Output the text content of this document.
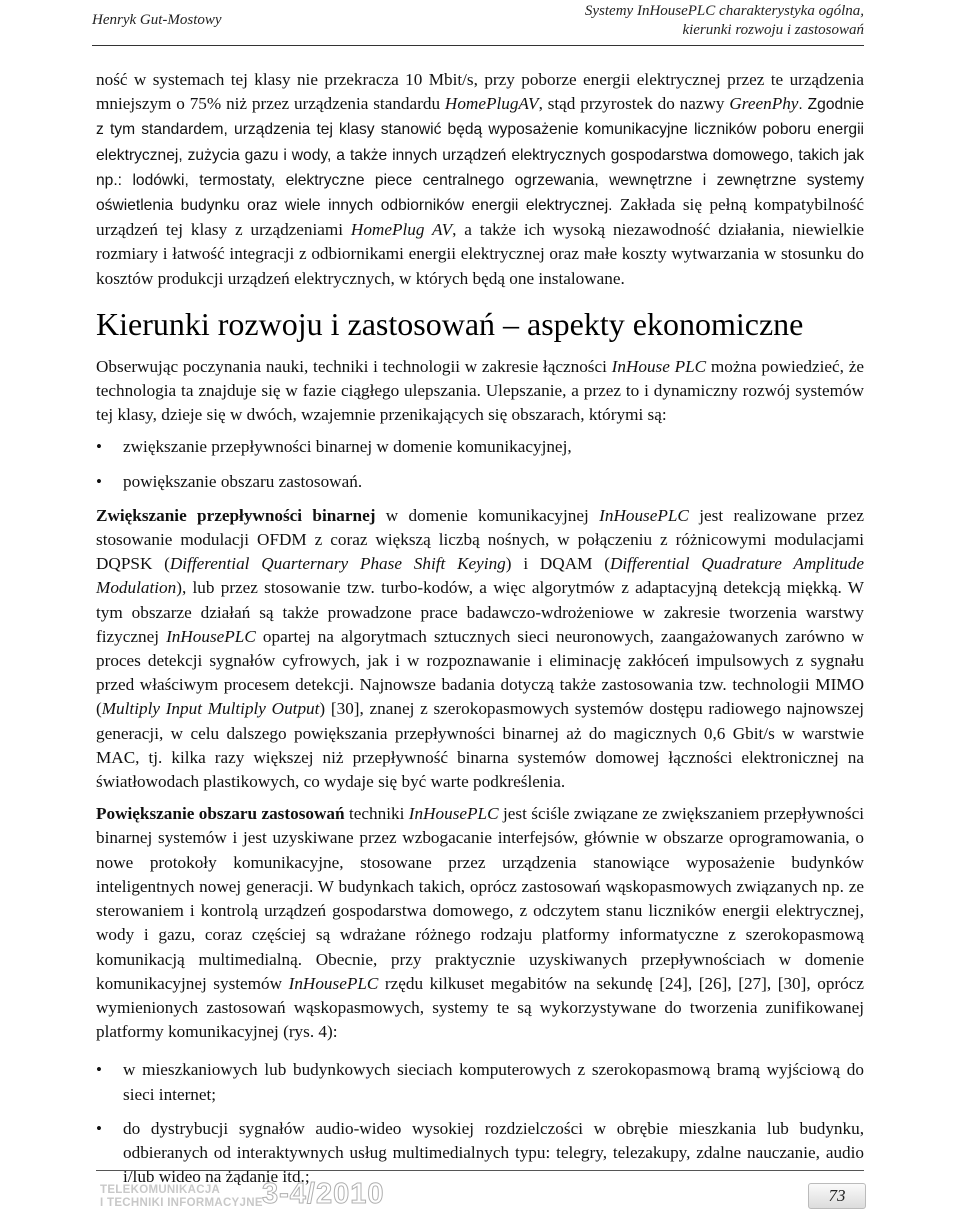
Henryk Gut-Mostowy
Systemy InHousePLC charakterystyka ogólna,
kierunki rozwoju i zastosowań

ność w systemach tej klasy nie przekracza 10 Mbit/s, przy poborze energii elektrycznej przez te urządzenia mniejszym o 75% niż przez urządzenia standardu HomePlugAV, stąd przyrostek do nazwy GreenPhy. Zgodnie z tym standardem, urządzenia tej klasy stanowić będą wyposażenie komunikacyjne liczników poboru energii elektrycznej, zużycia gazu i wody, a także innych urządzeń elektrycznych gospodarstwa domowego, takich jak np.: lodówki, termostaty, elektryczne piece centralnego ogrzewania, wewnętrzne i zewnętrzne systemy oświetlenia budynku oraz wiele innych odbiorników energii elektrycznej. Zakłada się pełną kompatybilność urządzeń tej klasy z urządzeniami HomePlug AV, a także ich wysoką niezawodność działania, niewielkie rozmiary i łatwość integracji z odbiornikami energii elektrycznej oraz małe koszty wytwarzania w stosunku do kosztów produkcji urządzeń elektrycznych, w których będą one instalowane.

Kierunki rozwoju i zastosowań – aspekty ekonomiczne

Obserwując poczynania nauki, techniki i technologii w zakresie łączności InHouse PLC można powiedzieć, że technologia ta znajduje się w fazie ciągłego ulepszania. Ulepszanie, a przez to i dynamiczny rozwój systemów tej klasy, dzieje się w dwóch, wzajemnie przenikających się obszarach, którymi są:

• zwiększanie przepływności binarnej w domenie komunikacyjnej,
• powiększanie obszaru zastosowań.

Zwiększanie przepływności binarnej w domenie komunikacyjnej InHousePLC jest realizowane przez stosowanie modulacji OFDM z coraz większą liczbą nośnych, w połączeniu z różnicowymi modulacjami DQPSK (Differential Quarternary Phase Shift Keying) i DQAM (Differential Quadrature Amplitude Modulation), lub przez stosowanie tzw. turbo-kodów, a więc algorytmów z adaptacyjną detekcją miękką. W tym obszarze działań są także prowadzone prace badawczo-wdrożeniowe w zakresie tworzenia warstwy fizycznej InHousePLC opartej na algorytmach sztucznych sieci neuronowych, zaangażowanych zarówno w proces detekcji sygnałów cyfrowych, jak i w rozpoznawanie i eliminację zakłóceń impulsowych z sygnału przed właściwym procesem detekcji. Najnowsze badania dotyczą także zastosowania tzw. technologii MIMO (Multiply Input Multiply Output) [30], znanej z szerokopasmowych systemów dostępu radiowego najnowszej generacji, w celu dalszego powiększania przepływności binarnej aż do magicznych 0,6 Gbit/s w warstwie MAC, tj. kilka razy większej niż przepływność binarna systemów domowej łączności elektronicznej na światłowodach plastikowych, co wydaje się być warte podkreślenia.

Powiększanie obszaru zastosowań techniki InHousePLC jest ściśle związane ze zwiększaniem przepływności binarnej systemów i jest uzyskiwane przez wzbogacanie interfejsów, głównie w obszarze oprogramowania, o nowe protokoły komunikacyjne, stosowane przez urządzenia stanowiące wyposażenie budynków inteligentnych nowej generacji. W budynkach takich, oprócz zastosowań wąskopasmowych związanych np. ze sterowaniem i kontrolą urządzeń gospodarstwa domowego, z odczytem stanu liczników energii elektrycznej, wody i gazu, coraz częściej są wdrażane różnego rodzaju platformy informatyczne z szerokopasmową komunikacją multimedialną. Obecnie, przy praktycznie uzyskiwanych przepływnościach w domenie komunikacyjnej systemów InHousePLC rzędu kilkuset megabitów na sekundę [24], [26], [27], [30], oprócz wymienionych zastosowań wąskopasmowych, systemy te są wykorzystywane do tworzenia zunifikowanej platformy komunikacyjnej (rys. 4):

• w mieszkaniowych lub budynkowych sieciach komputerowych z szerokopasmową bramą wyjściową do sieci internet;
• do dystrybucji sygnałów audio-wideo wysokiej rozdzielczości w obrębie mieszkania lub budynku, odbieranych od interaktywnych usług multimedialnych typu: telegry, telezakupy, zdalne nauczanie, audio i/lub wideo na żądanie itd.;
TELEKOMUNIKACJA
I TECHNIKI INFORMACYJNE 3-4/2010	73
